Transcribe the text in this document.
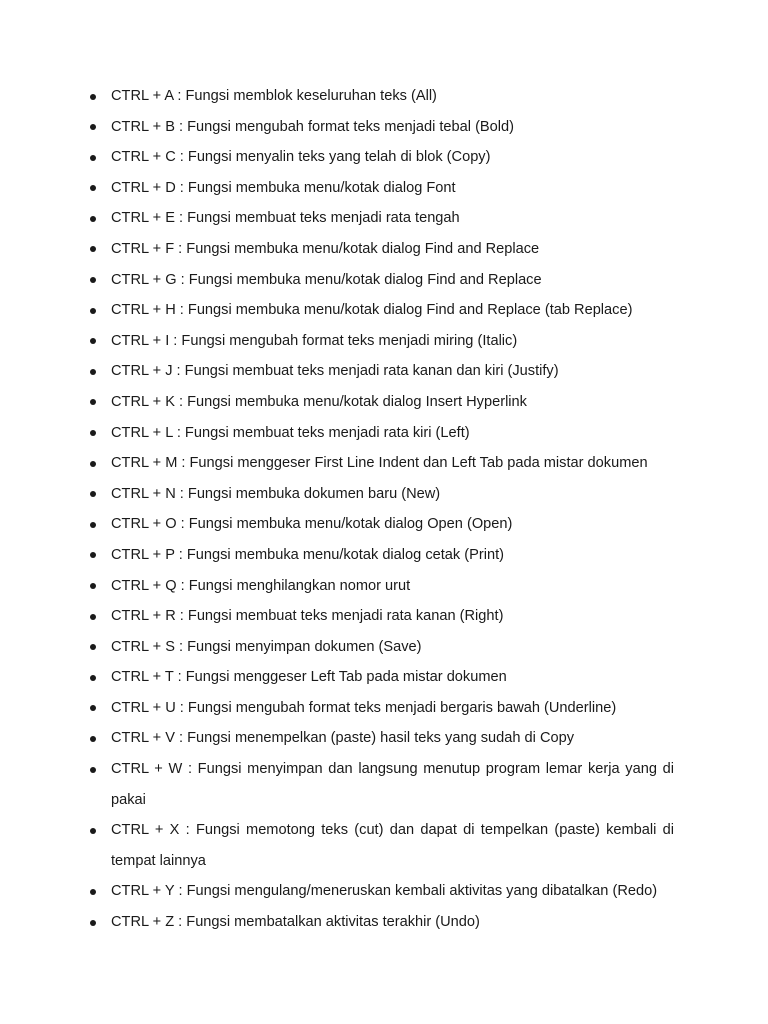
CTRL + A : Fungsi memblok keseluruhan teks (All)
CTRL + B : Fungsi mengubah format teks menjadi tebal (Bold)
CTRL + C : Fungsi menyalin teks yang telah di blok (Copy)
CTRL + D : Fungsi membuka menu/kotak dialog Font
CTRL + E : Fungsi membuat teks menjadi rata tengah
CTRL + F : Fungsi membuka menu/kotak dialog Find and Replace
CTRL + G : Fungsi membuka menu/kotak dialog Find and Replace
CTRL + H : Fungsi membuka menu/kotak dialog Find and Replace (tab Replace)
CTRL + I : Fungsi mengubah format teks menjadi miring (Italic)
CTRL + J : Fungsi membuat teks menjadi rata kanan dan kiri (Justify)
CTRL + K : Fungsi membuka menu/kotak dialog Insert Hyperlink
CTRL + L : Fungsi membuat teks menjadi rata kiri (Left)
CTRL + M : Fungsi menggeser First Line Indent dan Left Tab pada mistar dokumen
CTRL + N : Fungsi membuka dokumen baru (New)
CTRL + O : Fungsi membuka menu/kotak dialog Open (Open)
CTRL + P : Fungsi membuka menu/kotak dialog cetak (Print)
CTRL + Q : Fungsi menghilangkan nomor urut
CTRL + R : Fungsi membuat teks menjadi rata kanan (Right)
CTRL + S : Fungsi menyimpan dokumen (Save)
CTRL + T : Fungsi menggeser Left Tab pada mistar dokumen
CTRL + U : Fungsi mengubah format teks menjadi bergaris bawah (Underline)
CTRL + V : Fungsi menempelkan (paste) hasil teks yang sudah di Copy
CTRL + W : Fungsi menyimpan dan langsung menutup program lemar kerja yang di pakai
CTRL + X : Fungsi memotong teks (cut) dan dapat di tempelkan (paste) kembali di tempat lainnya
CTRL + Y : Fungsi mengulang/meneruskan kembali aktivitas yang dibatalkan (Redo)
CTRL + Z : Fungsi membatalkan aktivitas terakhir (Undo)
